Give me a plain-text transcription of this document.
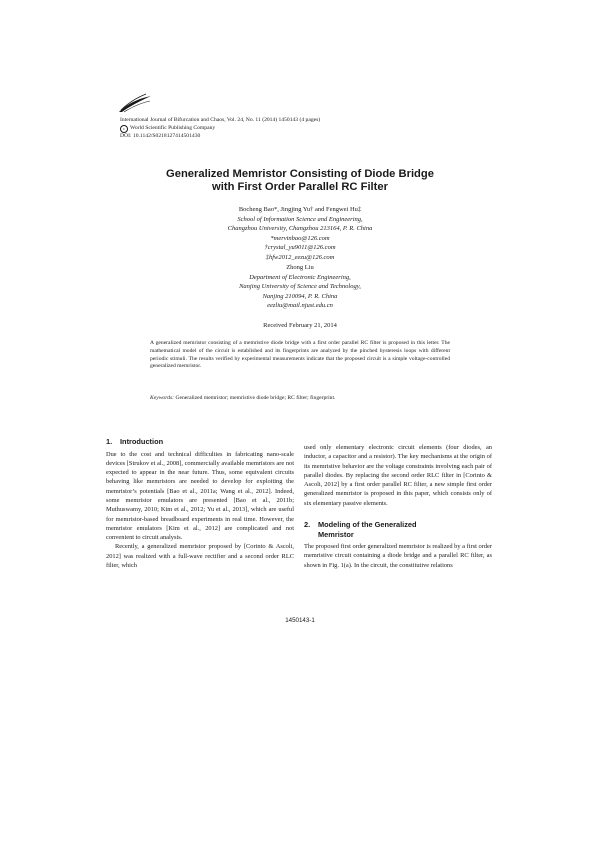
International Journal of Bifurcation and Chaos, Vol. 24, No. 11 (2014) 1450143 (4 pages)
c World Scientific Publishing Company
DOI: 10.1142/S0218127414501430
Generalized Memristor Consisting of Diode Bridge
with First Order Parallel RC Filter
Bocheng Bao*, Jingjing Yu† and Fengwei Hu‡
School of Information Science and Engineering,
Changzhou University, Changzhou 213164, P. R. China
*mervinbao@126.com
†crystal_yu9011@126.com
‡hfw2012_eezu@126.com
Zhong Liu
Department of Electronic Engineering,
Nanjing University of Science and Technology,
Nanjing 210094, P. R. China
eezliu@mail.njust.edu.cn
Received February 21, 2014
A generalized memristor consisting of a memristive diode bridge with a first order parallel RC filter is proposed in this letter. The mathematical model of the circuit is established and its fingerprints are analyzed by the pinched hysteresis loops with different periodic stimuli. The results verified by experimental measurements indicate that the proposed circuit is a simple voltage-controlled generalized memristor.
Keywords: Generalized memristor; memristive diode bridge; RC filter; fingerprint.
1. Introduction

Due to the cost and technical difficulties in fabricating nano-scale devices [Strukov et al., 2008], commercially available memristors are not expected to appear in the near future. Thus, some equivalent circuits behaving like memristors are needed to develop for exploiting the memristor’s potentials [Bao et al., 2011a; Wang et al., 2012]. Indeed, some memristor emulators are presented [Bao et al., 2011b; Muthuswamy, 2010; Kim et al., 2012; Yu et al., 2013], which are useful for memristor-based breadboard experiments in real time. However, the memristor emulators [Kim et al., 2012] are complicated and not convenient to circuit analysis.

Recently, a generalized memristor proposed by [Corinto & Ascoli, 2012] was realized with a full-wave rectifier and a second order RLC filter, which

used only elementary electronic circuit elements (four diodes, an inductor, a capacitor and a resistor). The key mechanisms at the origin of its memristive behavior are the voltage constraints involving each pair of parallel diodes. By replacing the second order RLC filter in [Corinto & Ascoli, 2012] by a first order parallel RC filter, a new simple first order generalized memristor is proposed in this paper, which consists only of six elementary passive elements.

2. Modeling of the Generalized
Memristor

The proposed first order generalized memristor is realized by a first order memristive circuit containing a diode bridge and a parallel RC filter, as shown in Fig. 1(a). In the circuit, the constitutive relations

1450143-1
